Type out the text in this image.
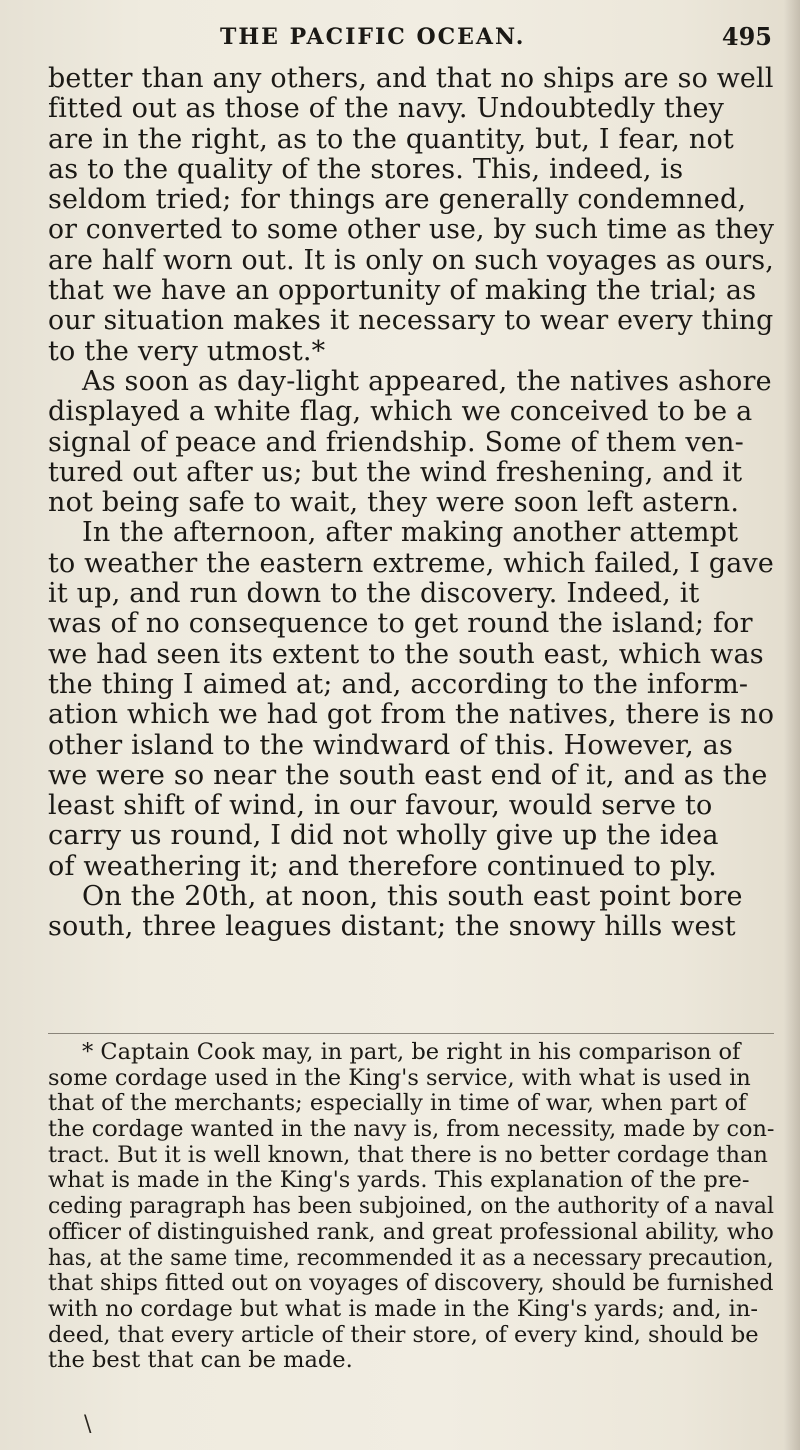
THE PACIFIC OCEAN.	495
better than any others, and that no ships are so well
fitted out as those of the navy. Undoubtedly they
are in the right, as to the quantity, but, I fear, not
as to the quality of the stores. This, indeed, is
seldom tried; for things are generally condemned,
or converted to some other use, by such time as they
are half worn out. It is only on such voyages as ours,
that we have an opportunity of making the trial; as
our situation makes it necessary to wear every thing
to the very utmost.*
As soon as day-light appeared, the natives ashore
displayed a white flag, which we conceived to be a
signal of peace and friendship. Some of them ven-
tured out after us; but the wind freshening, and it
not being safe to wait, they were soon left astern.
In the afternoon, after making another attempt
to weather the eastern extreme, which failed, I gave
it up, and run down to the discovery. Indeed, it
was of no consequence to get round the island; for
we had seen its extent to the south east, which was
the thing I aimed at; and, according to the inform-
ation which we had got from the natives, there is no
other island to the windward of this. However, as
we were so near the south east end of it, and as the
least shift of wind, in our favour, would serve to
carry us round, I did not wholly give up the idea
of weathering it; and therefore continued to ply.
On the 20th, at noon, this south east point bore
south, three leagues distant; the snowy hills west
* Captain Cook may, in part, be right in his comparison of
some cordage used in the King's service, with what is used in
that of the merchants; especially in time of war, when part of
the cordage wanted in the navy is, from necessity, made by con-
tract. But it is well known, that there is no better cordage than
what is made in the King's yards. This explanation of the pre-
ceding paragraph has been subjoined, on the authority of a naval
officer of distinguished rank, and great professional ability, who
has, at the same time, recommended it as a necessary precaution,
that ships fitted out on voyages of discovery, should be furnished
with no cordage but what is made in the King's yards; and, in-
deed, that every article of their store, of every kind, should be
the best that can be made.
\
